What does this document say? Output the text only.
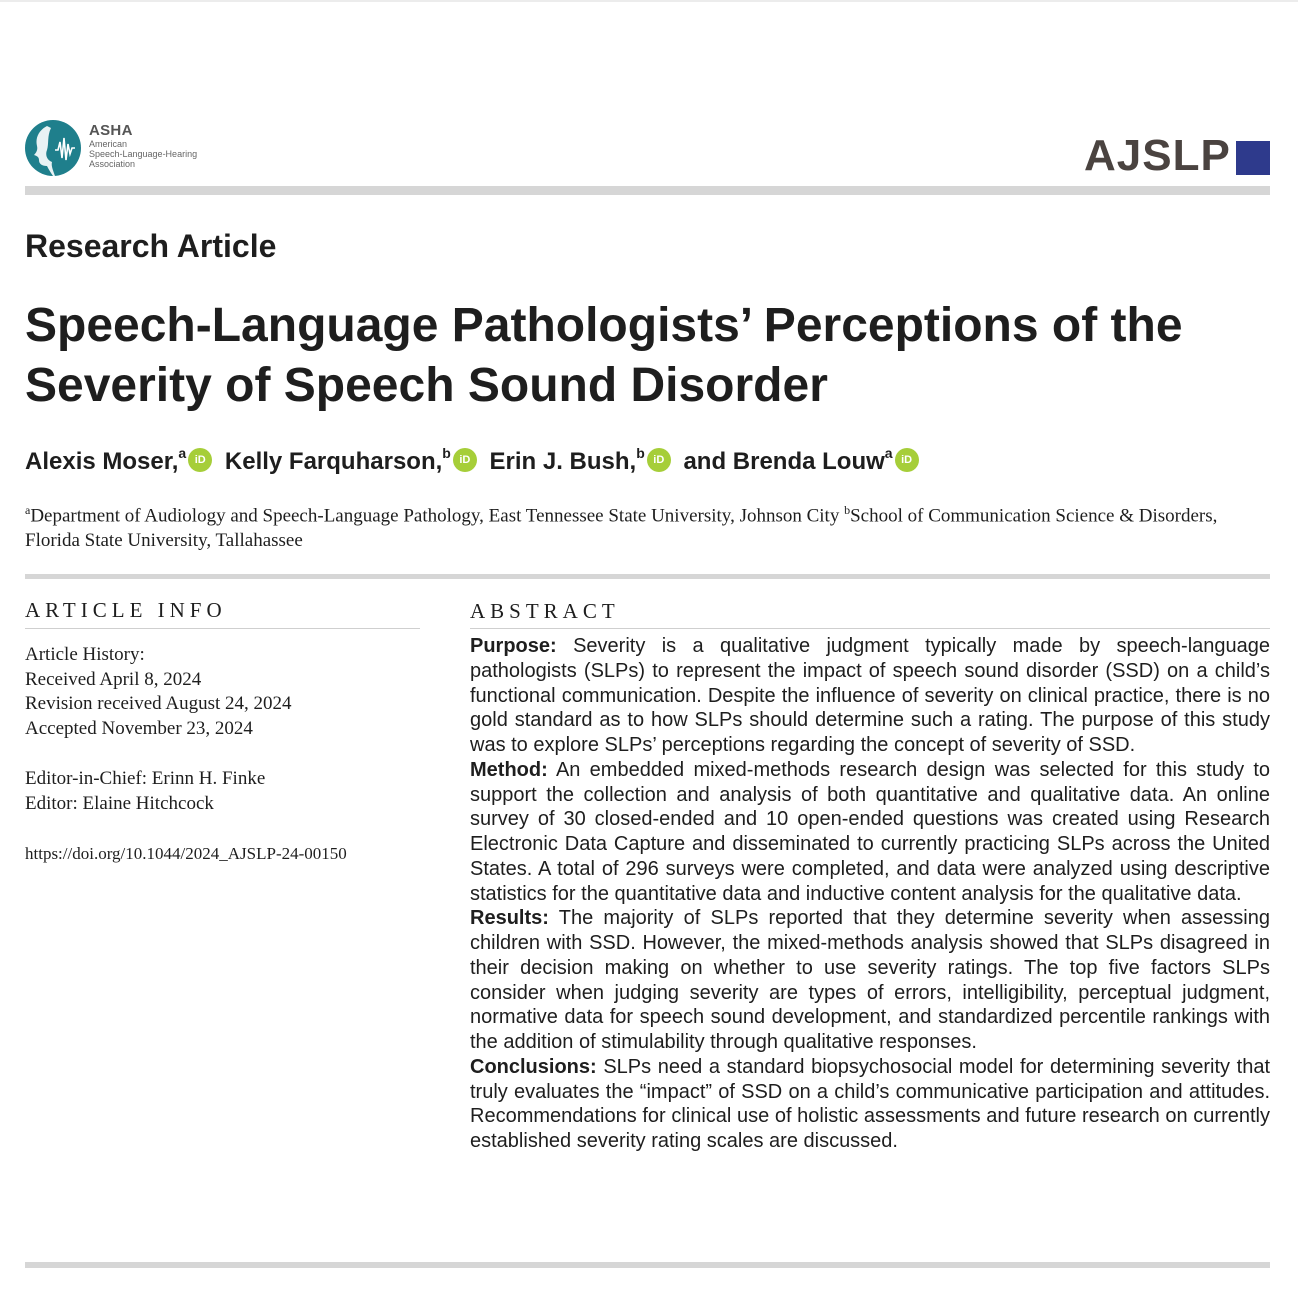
ASHA
American
Speech-Language-Hearing
Association	AJSLP
Research Article
Speech-Language Pathologists’ Perceptions of the Severity of Speech Sound Disorder
Alexis Moser,$^a$ iD Kelly Farquharson,$^b$ iD Erin J. Bush,$^b$ iD and Brenda Louw$^a$ iD
$^a$Department of Audiology and Speech-Language Pathology, East Tennessee State University, Johnson City $^b$School of Communication Science & Disorders, Florida State University, Tallahassee
ARTICLE INFO
Article History:
Received April 8, 2024
Revision received August 24, 2024
Accepted November 23, 2024
Editor-in-Chief: Erinn H. Finke
Editor: Elaine Hitchcock
https://doi.org/10.1044/2024_AJSLP-24-00150
ABSTRACT

Purpose: Severity is a qualitative judgment typically made by speech-language pathologists (SLPs) to represent the impact of speech sound disorder (SSD) on a child’s functional communication. Despite the influence of severity on clinical practice, there is no gold standard as to how SLPs should determine such a rating. The purpose of this study was to explore SLPs’ perceptions regarding the concept of severity of SSD.

Method: An embedded mixed-methods research design was selected for this study to support the collection and analysis of both quantitative and qualitative data. An online survey of 30 closed-ended and 10 open-ended questions was created using Research Electronic Data Capture and disseminated to currently practicing SLPs across the United States. A total of 296 surveys were completed, and data were analyzed using descriptive statistics for the quantitative data and inductive content analysis for the qualitative data.

Results: The majority of SLPs reported that they determine severity when assessing children with SSD. However, the mixed-methods analysis showed that SLPs disagreed in their decision making on whether to use severity ratings. The top five factors SLPs consider when judging severity are types of errors, intelligibility, perceptual judgment, normative data for speech sound development, and standardized percentile rankings with the addition of stimulability through qualitative responses.

Conclusions: SLPs need a standard biopsychosocial model for determining severity that truly evaluates the “impact” of SSD on a child’s communicative participation and attitudes. Recommendations for clinical use of holistic assessments and future research on currently established severity rating scales are discussed.
